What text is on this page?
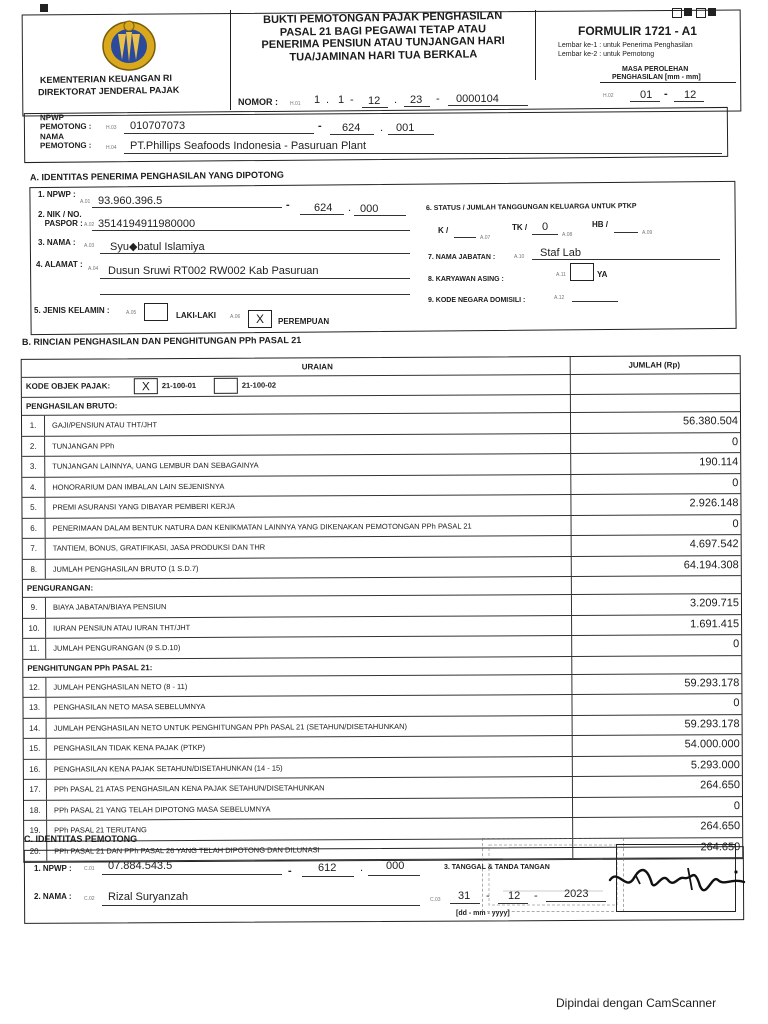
KEMENTERIAN KEUANGAN RI
DIREKTORAT JENDERAL PAJAK
BUKTI PEMOTONGAN PAJAK PENGHASILAN
PASAL 21 BAGI PEGAWAI TETAP ATAU
PENERIMA PENSIUN ATAU TUNJANGAN HARI
TUA/JAMINAN HARI TUA BERKALA
FORMULIR 1721 - A1
Lembar ke-1 : untuk Penerima Penghasilan
Lembar ke-2 : untuk Pemotong
MASA PEROLEHAN
PENGHASILAN [mm - mm]
H.02 01 - 12
NOMOR : H.01 1 . 1 - 12 . 23 - 0000104
NPWP
PEMOTONG :	H.03 010707073	- 624 . 001
NAMA
PEMOTONG :	H.04 PT.Phillips Seafoods Indonesia - Pasuruan Plant
A. IDENTITAS PENERIMA PENGHASILAN YANG DIPOTONG
1. NPWP :
A.01 93.960.396.5	- 624 . 000
2. NIK / NO.
PASPOR : A.02 3514194911980000
3. NAMA : A.03 Syu◆batul Islamiya
4. ALAMAT : A.04 Dusun Sruwi RT002 RW002 Kab Pasuruan
5. JENIS KELAMIN :	A.05	LAKI-LAKI	A.06	X	PEREMPUAN
6. STATUS / JUMLAH TANGGUNGAN KELUARGA UNTUK PTKP
K /
A.07
TK / 0
A.08
HB /
A.09
7. NAMA JABATAN :	A.10 Staf Lab
8. KARYAWAN ASING :
A.11	YA
9. KODE NEGARA DOMISILI :	A.12
B. RINCIAN PENGHASILAN DAN PENGHITUNGAN PPh PASAL 21
URAIAN	JUMLAH (Rp)
KODE OBJEK PAJAK:	X	21-100-01	21-100-02
PENGHASILAN BRUTO:
1.	GAJI/PENSIUN ATAU THT/JHT	56.380.504
2.	TUNJANGAN PPh	0
3.	TUNJANGAN LAINNYA, UANG LEMBUR DAN SEBAGAINYA	190.114
4.	HONORARIUM DAN IMBALAN LAIN SEJENISNYA	0
5.	PREMI ASURANSI YANG DIBAYAR PEMBERI KERJA	2.926.148
6.	PENERIMAAN DALAM BENTUK NATURA DAN KENIKMATAN LAINNYA YANG DIKENAKAN PEMOTONGAN PPh PASAL 21	0
7.	TANTIEM, BONUS, GRATIFIKASI, JASA PRODUKSI DAN THR	4.697.542
8.	JUMLAH PENGHASILAN BRUTO (1 S.D.7)	64.194.308
PENGURANGAN:
9.	BIAYA JABATAN/BIAYA PENSIUN	3.209.715
10.	IURAN PENSIUN ATAU IURAN THT/JHT	1.691.415
11.	JUMLAH PENGURANGAN (9 S.D.10)	0
PENGHITUNGAN PPh PASAL 21:
12.	JUMLAH PENGHASILAN NETO (8 - 11)	59.293.178
13.	PENGHASILAN NETO MASA SEBELUMNYA	0
14.	JUMLAH PENGHASILAN NETO UNTUK PENGHITUNGAN PPh PASAL 21 (SETAHUN/DISETAHUNKAN)	59.293.178
15.	PENGHASILAN TIDAK KENA PAJAK (PTKP)	54.000.000
16.	PENGHASILAN KENA PAJAK SETAHUN/DISETAHUNKAN (14 - 15)	5.293.000
17.	PPh PASAL 21 ATAS PENGHASILAN KENA PAJAK SETAHUN/DISETAHUNKAN	264.650
18.	PPh PASAL 21 YANG TELAH DIPOTONG MASA SEBELUMNYA	0
19.	PPh PASAL 21 TERUTANG	264.650
20.	PPh PASAL 21 DAN PPh PASAL 26 YANG TELAH DIPOTONG DAN DILUNASI	264.650
C. IDENTITAS PEMOTONG
1. NPWP : C.01 07.884.543.5	- 612 . 000
2. NAMA :	C.02 Rizal Suryanzah
3. TANGGAL & TANDA TANGAN
C.03 31 - 12 - 2023
[dd - mm - yyyy]
Dipindai dengan CamScanner
